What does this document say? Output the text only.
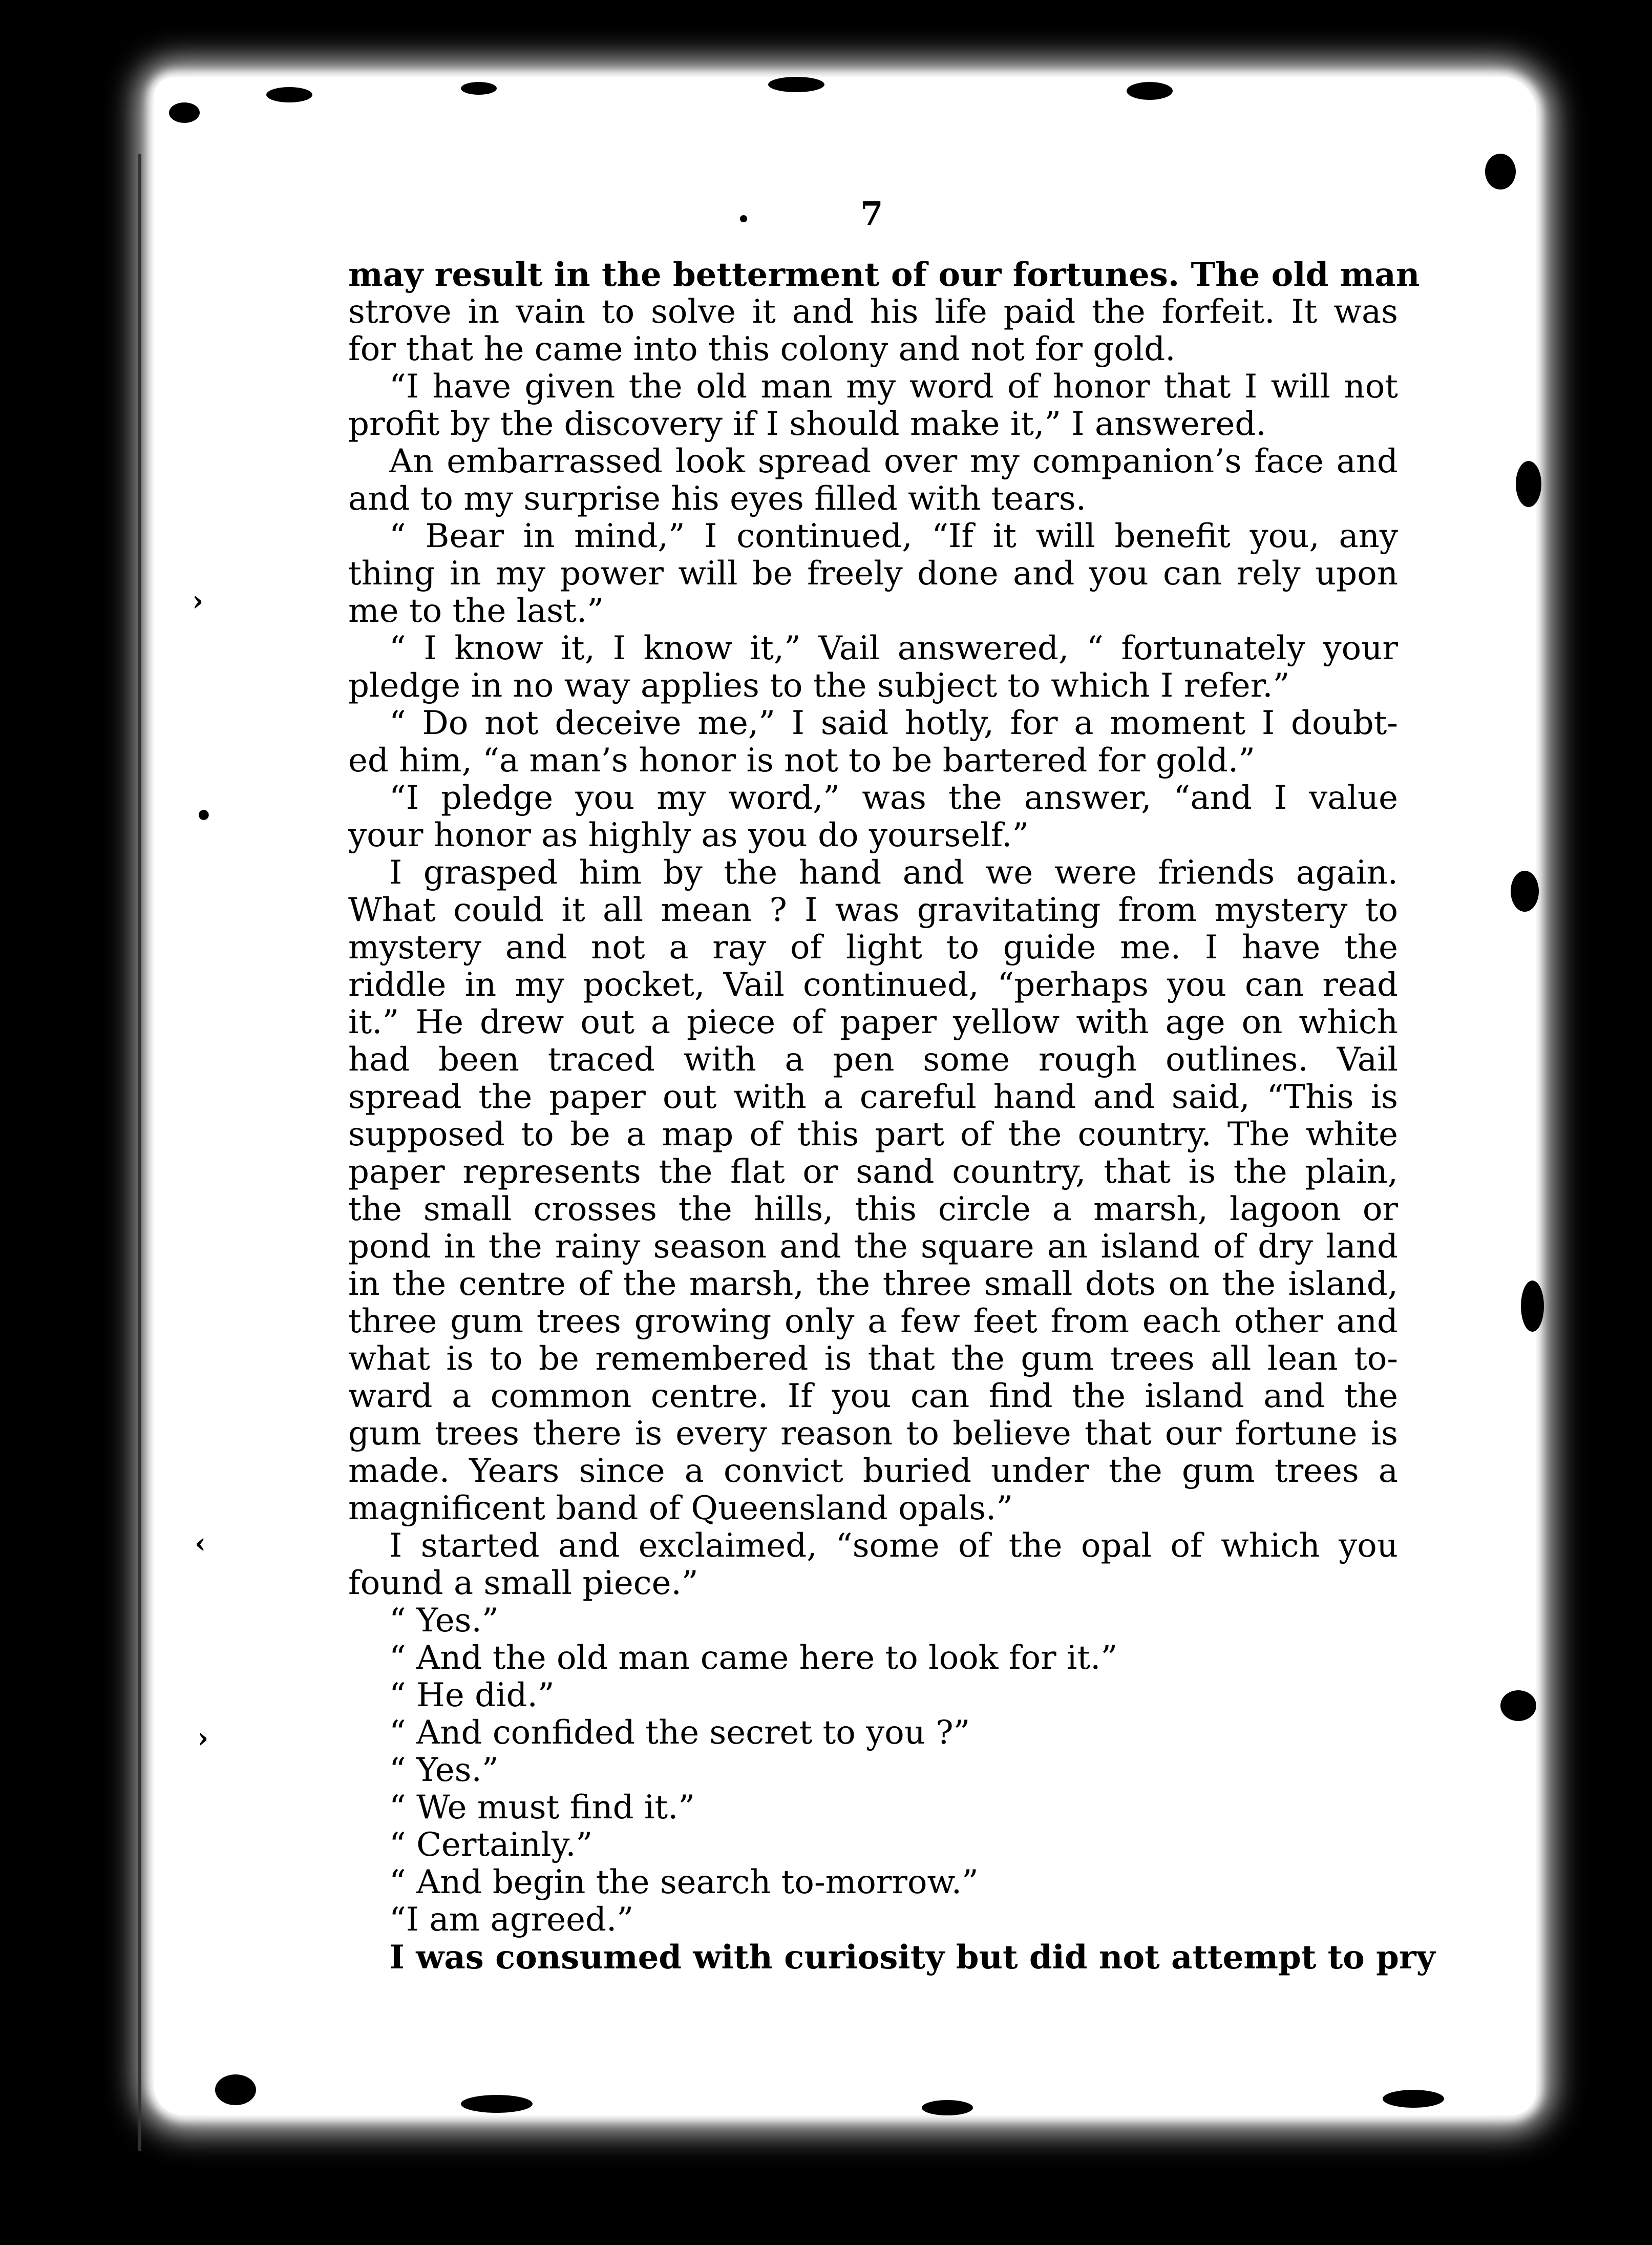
›	›
●	•
?	‹
●	›
7
may result in the betterment of our fortunes. The old man
strove in vain to solve it and his life paid the forfeit. It was
for that he came into this colony and not for gold.
“I have given the old man my word of honor that I will not
profit by the discovery if I should make it,” I answered.
An embarrassed look spread over my companion’s face and
and to my surprise his eyes filled with tears.
“ Bear in mind,” I continued, “If it will benefit you, any
thing in my power will be freely done and you can rely upon
me to the last.”
“ I know it, I know it,” Vail answered, “ fortunately your
pledge in no way applies to the subject to which I refer.”
“ Do not deceive me,” I said hotly, for a moment I doubt-
ed him, “a man’s honor is not to be bartered for gold.”
“I pledge you my word,” was the answer, “and I value
your honor as highly as you do yourself.”
I grasped him by the hand and we were friends again.
What could it all mean ? I was gravitating from mystery to
mystery and not a ray of light to guide me. I have the
riddle in my pocket, Vail continued, “perhaps you can read
it.” He drew out a piece of paper yellow with age on which
had been traced with a pen some rough outlines. Vail
spread the paper out with a careful hand and said, “This is
supposed to be a map of this part of the country. The white
paper represents the flat or sand country, that is the plain,
the small crosses the hills, this circle a marsh, lagoon or
pond in the rainy season and the square an island of dry land
in the centre of the marsh, the three small dots on the island,
three gum trees growing only a few feet from each other and
what is to be remembered is that the gum trees all lean to-
ward a common centre. If you can find the island and the
gum trees there is every reason to believe that our fortune is
made. Years since a convict buried under the gum trees a
magnificent band of Queensland opals.”
I started and exclaimed, “some of the opal of which you
found a small piece.”
“ Yes.”
“ And the old man came here to look for it.”
“ He did.”
“ And confided the secret to you ?”
“ Yes.”
“ We must find it.”
“ Certainly.”
“ And begin the search to-morrow.”
“I am agreed.”
I was consumed with curiosity but did not attempt to pry
